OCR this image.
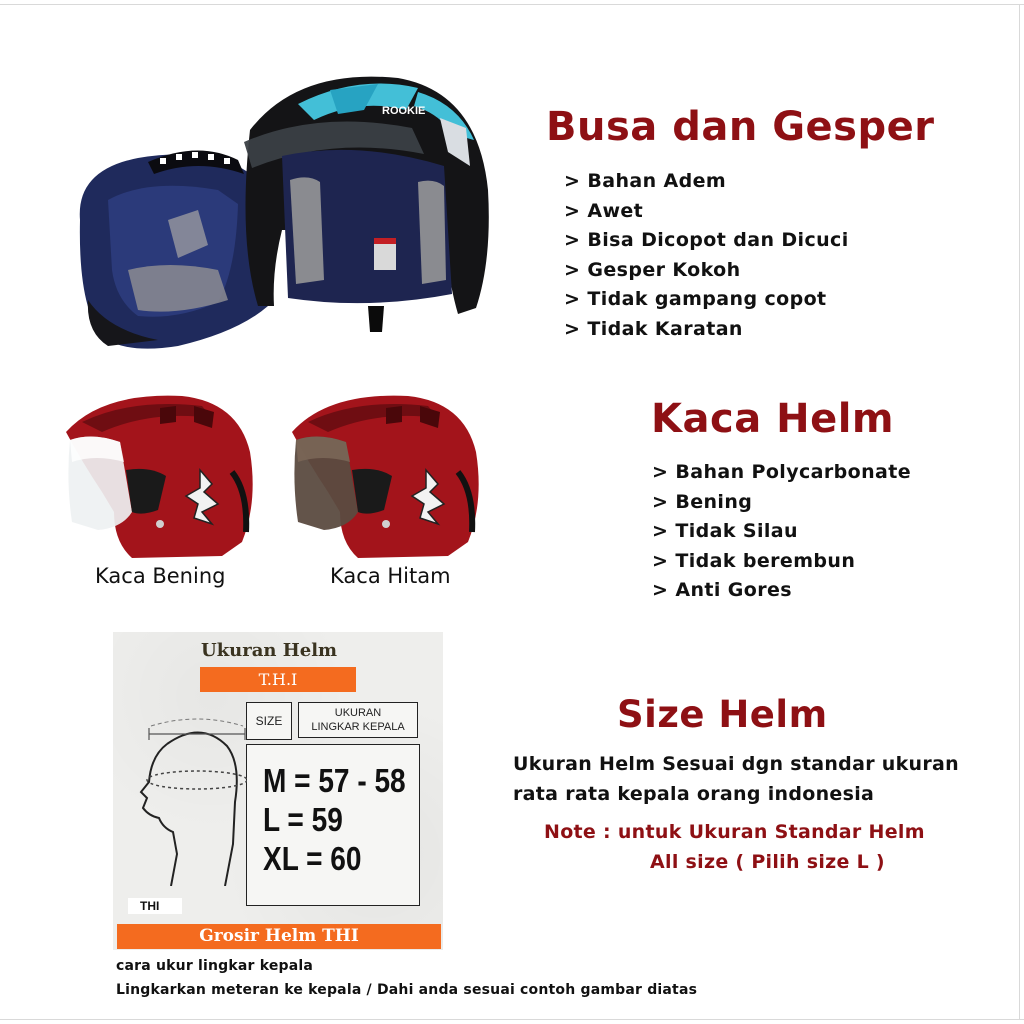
ROOKIE	Busa dan Gesper
> Bahan Adem
> Awet
> Bisa Dicopot dan Dicuci
> Gesper Kokoh
> Tidak gampang copot
> Tidak Karatan
Kaca Bening	Kaca Hitam
Kaca Helm
> Bahan Polycarbonate
> Bening
> Tidak Silau
> Tidak berembun
> Anti Gores
Ukuran Helm
T.H.I
SIZE
UKURAN
LINGKAR KEPALA
M = 57 - 58
L = 59
XL = 60
THI
Grosir Helm THI
Size Helm
Ukuran Helm Sesuai dgn standar ukuran
rata rata kepala orang indonesia
Note : untuk Ukuran Standar Helm
All size ( Pilih size L )
cara ukur lingkar kepala
Lingkarkan meteran ke kepala / Dahi anda sesuai contoh gambar diatas
